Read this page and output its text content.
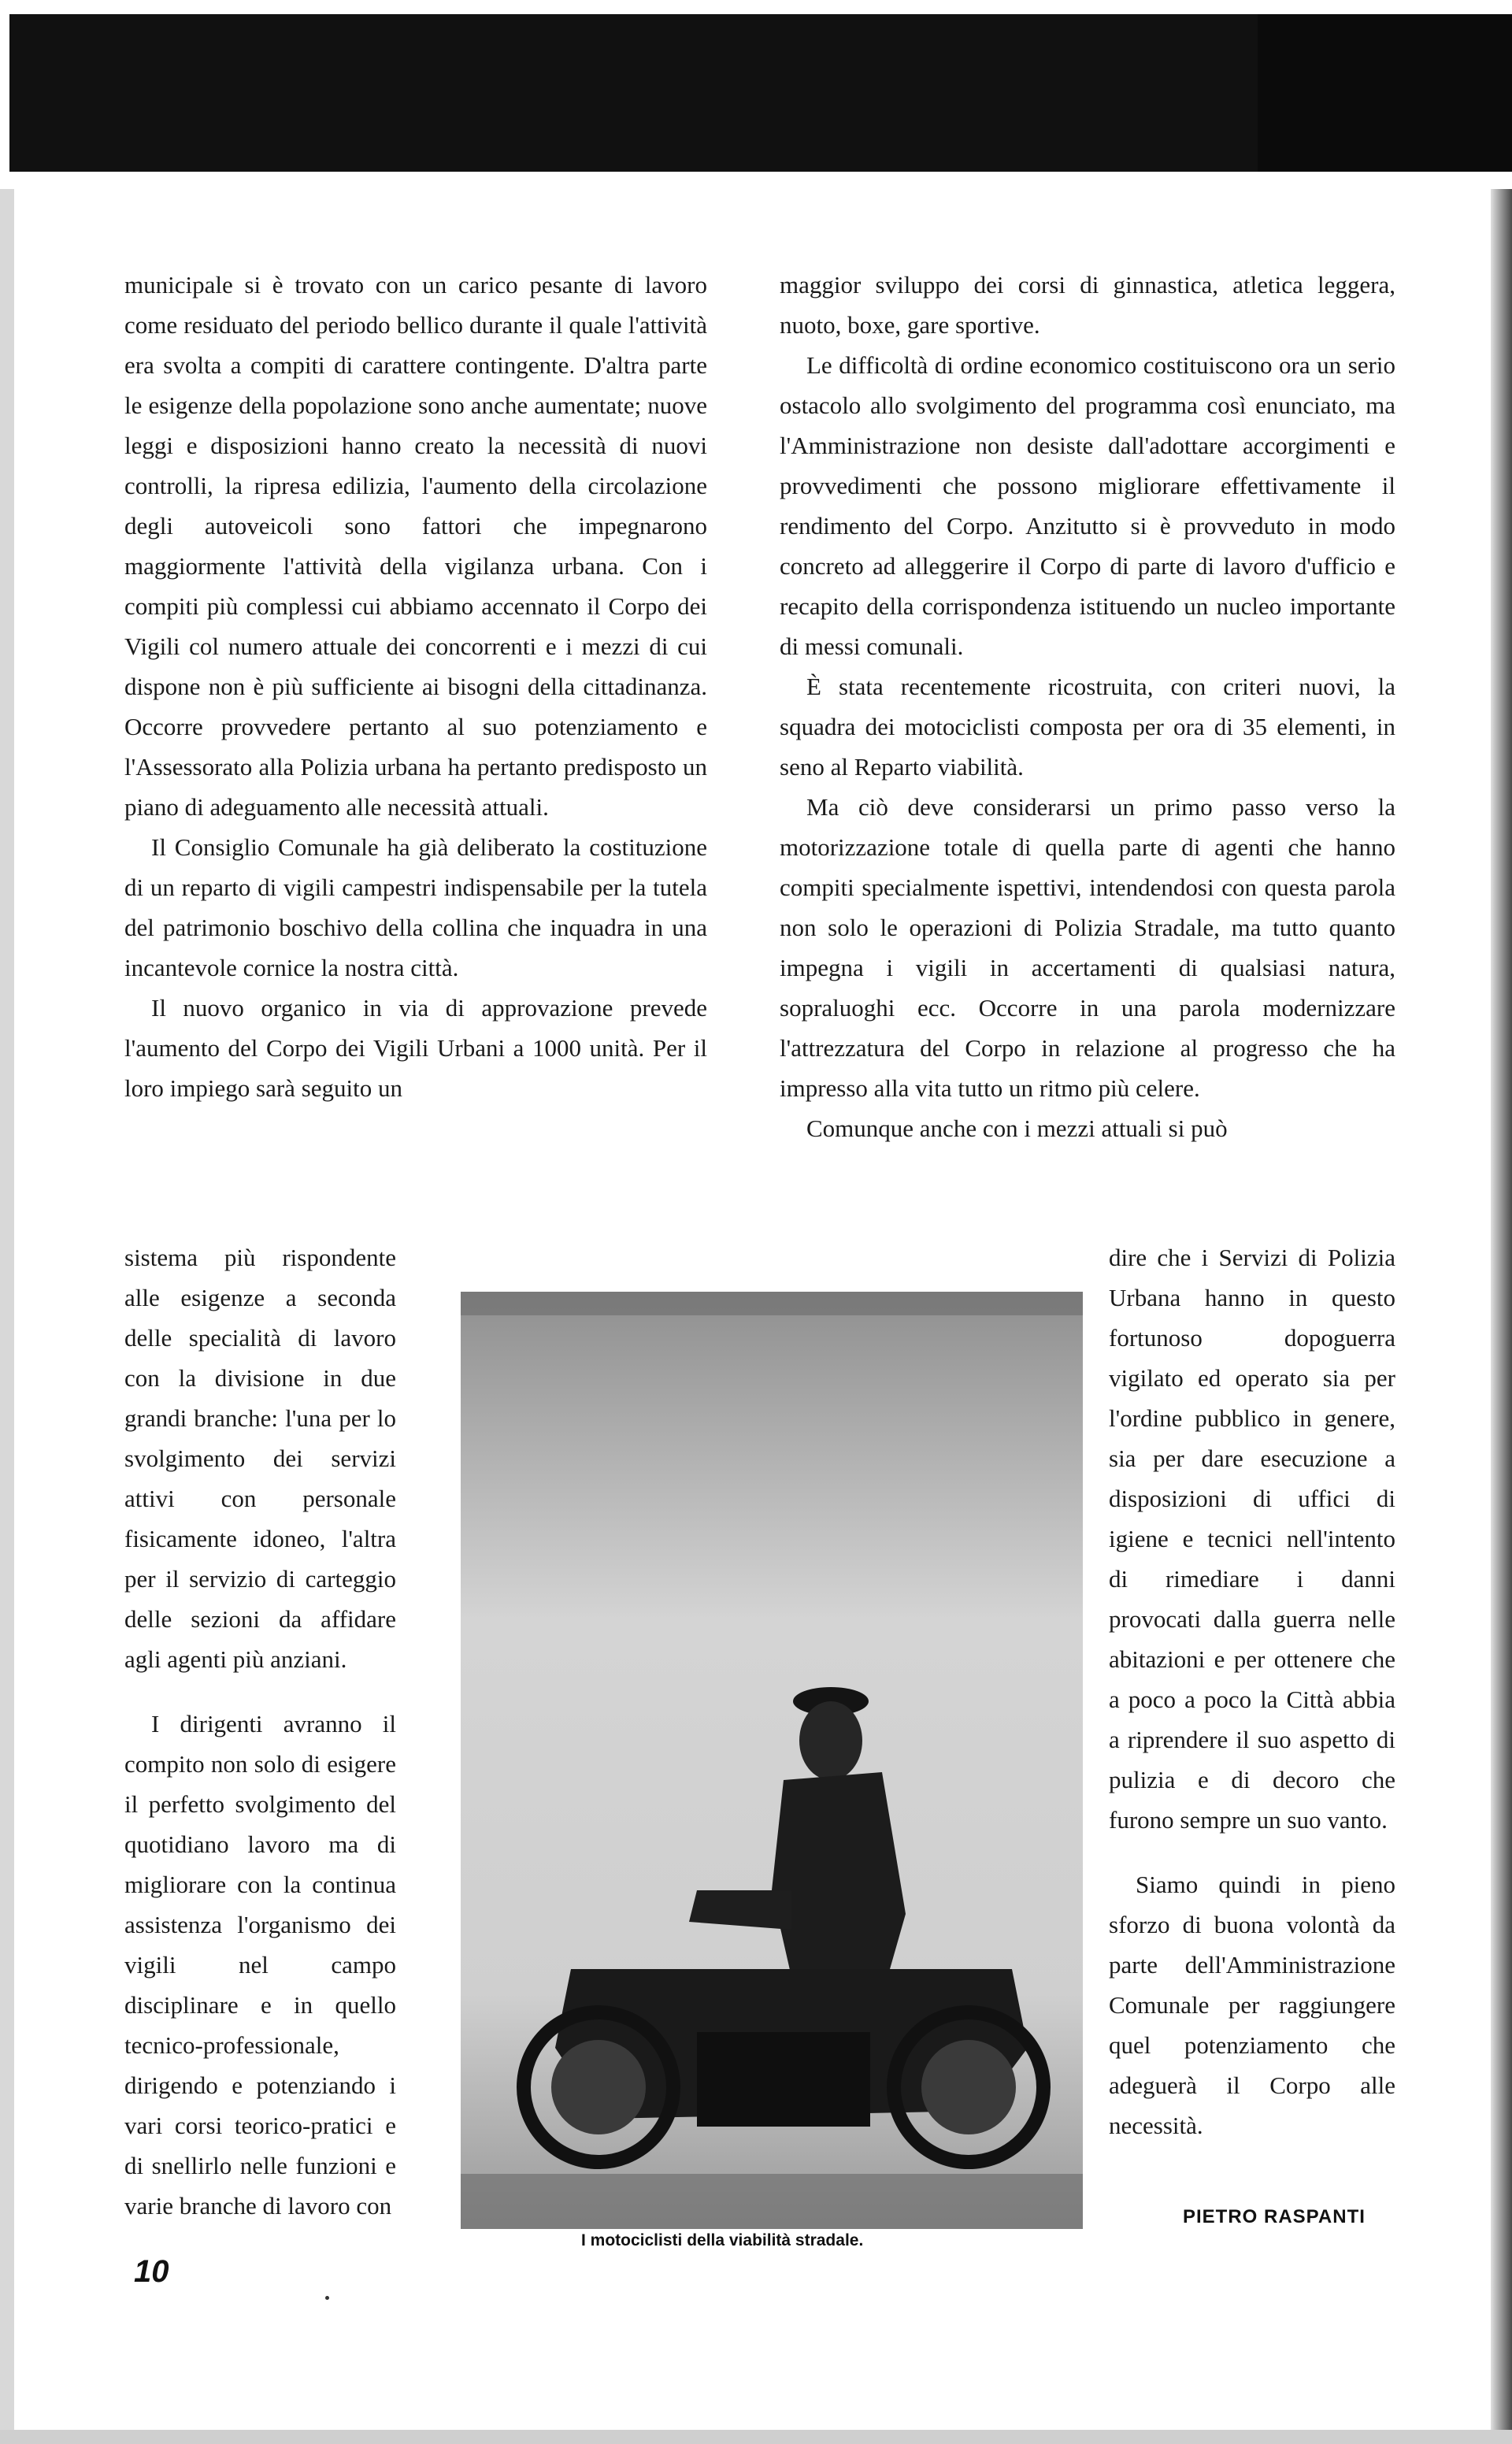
municipale si è trovato con un carico pesante di lavoro come residuato del periodo bellico durante il quale l'attività era svolta a compiti di carattere contingente. D'altra parte le esigenze della popolazione sono anche aumentate; nuove leggi e disposizioni hanno creato la necessità di nuovi controlli, la ripresa edilizia, l'aumento della circolazione degli autoveicoli sono fattori che impegnarono maggiormente l'attività della vigilanza urbana. Con i compiti più complessi cui abbiamo accennato il Corpo dei Vigili col numero attuale dei concorrenti e i mezzi di cui dispone non è più sufficiente ai bisogni della cittadinanza. Occorre provvedere pertanto al suo potenziamento e l'Assessorato alla Polizia urbana ha pertanto predisposto un piano di adeguamento alle necessità attuali.

Il Consiglio Comunale ha già deliberato la costituzione di un reparto di vigili campestri indispensabile per la tutela del patrimonio boschivo della collina che inquadra in una incantevole cornice la nostra città.

Il nuovo organico in via di approvazione prevede l'aumento del Corpo dei Vigili Urbani a 1000 unità. Per il loro impiego sarà seguito un

sistema più rispondente alle esigenze a seconda delle specialità di lavoro con la divisione in due grandi branche: l'una per lo svolgimento dei servizi attivi con personale fisicamente idoneo, l'altra per il servizio di carteggio delle sezioni da affidare agli agenti più anziani.

I dirigenti avranno il compito non solo di esigere il perfetto svolgimento del quotidiano lavoro ma di migliorare con la continua assistenza l'organismo dei vigili nel campo disciplinare e in quello tecnico-professionale, dirigendo e potenziando i vari corsi teorico-pratici e di snellirlo nelle funzioni e varie branche di lavoro con

maggior sviluppo dei corsi di ginnastica, atletica leggera, nuoto, boxe, gare sportive.

Le difficoltà di ordine economico costituiscono ora un serio ostacolo allo svolgimento del programma così enunciato, ma l'Amministrazione non desiste dall'adottare accorgimenti e provvedimenti che possono migliorare effettivamente il rendimento del Corpo. Anzitutto si è provveduto in modo concreto ad alleggerire il Corpo di parte di lavoro d'ufficio e recapito della corrispondenza istituendo un nucleo importante di messi comunali.

È stata recentemente ricostruita, con criteri nuovi, la squadra dei motociclisti composta per ora di 35 elementi, in seno al Reparto viabilità.

Ma ciò deve considerarsi un primo passo verso la motorizzazione totale di quella parte di agenti che hanno compiti specialmente ispettivi, intendendosi con questa parola non solo le operazioni di Polizia Stradale, ma tutto quanto impegna i vigili in accertamenti di qualsiasi natura, sopraluoghi ecc. Occorre in una parola modernizzare l'attrezzatura del Corpo in relazione al progresso che ha impresso alla vita tutto un ritmo più celere.

Comunque anche con i mezzi attuali si può

dire che i Servizi di Polizia Urbana hanno in questo fortunoso dopoguerra vigilato ed operato sia per l'ordine pubblico in genere, sia per dare esecuzione a disposizioni di uffici di igiene e tecnici nell'intento di rimediare i danni provocati dalla guerra nelle abitazioni e per ottenere che a poco a poco la Città abbia a riprendere il suo aspetto di pulizia e di decoro che furono sempre un suo vanto.

Siamo quindi in pieno sforzo di buona volontà da parte dell'Amministrazione Comunale per raggiungere quel potenziamento che adeguerà il Corpo alle necessità.

I motociclisti della viabilità stradale.
PIETRO RASPANTI
10
